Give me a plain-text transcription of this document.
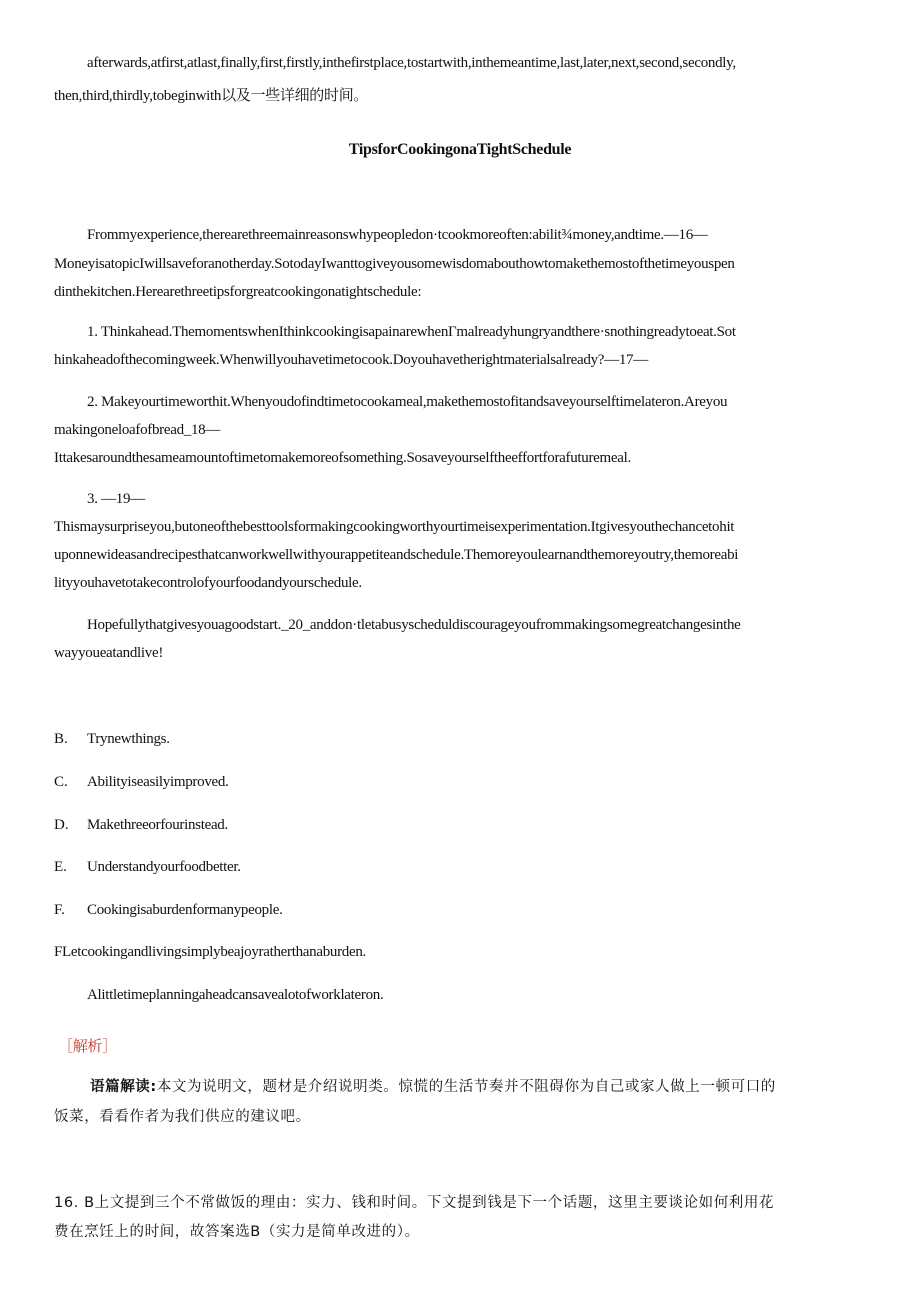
afterwards,atfirst,atlast,finally,first,firstly,inthefirstplace,tostartwith,inthemeantime,last,later,next,second,secondly,
then,third,thirdly,tobeginwith以及一些详细的时间。
TipsforCookingonaTightSchedule
Frommyexperience,therearethreemainreasonswhypeopledon·tcookmoreoften:abilit¾money,andtime.—16—
MoneyisatopicIwillsaveforanotherday.SotodayIwanttogiveyousomewisdomabouthowtomakethemostofthetimeyouspen
dinthekitchen.Herearethreetipsforgreatcookingonatightschedule:
1. Thinkahead.ThemomentswhenIthinkcookingisapainarewhenΓmalreadyhungryandthere·snothingreadytoeat.Sot
hinkaheadofthecomingweek.Whenwillyouhavetimetocook.Doyouhavetherightmaterialsalready?—17—
2. Makeyourtimeworthit.Whenyoudofindtimetocookameal,makethemostofitandsaveyourselftimelateron.Areyou
makingoneloafofbread_18—
Ittakesaroundthesameamountoftimetomakemoreofsomething.Sosaveyourselftheeffortforafuturemeal.
3. —19—
Thismaysurpriseyou,butoneofthebesttoolsformakingcookingworthyourtimeisexperimentation.Itgivesyouthechancetohit
uponnewideasandrecipesthatcanworkwellwithyourappetiteandschedule.Themoreyoulearnandthemoreyoutry,themoreabi
lityyouhavetotakecontrolofyourfoodandyourschedule.
Hopefullythatgivesyouagoodstart._20_anddon·tletabusyscheduldiscourageyoufrommakingsomegreatchangesinthe
wayyoueatandlive!
B. Trynewthings.
C. Abilityiseasilyimproved.
D. Makethreeorfourinstead.
E. Understandyourfoodbetter.
F. Cookingisaburdenformanypeople.
FLetcookingandlivingsimplybeajoyratherthanaburden.
Alittletimeplanningaheadcansavealotofworklateron.
［解析］
语篇解读:本文为说明文，题材是介绍说明类。惊慌的生活节奏并不阻碍你为自己或家人做上一顿可口的
饭菜，看看作者为我们供应的建议吧。
16. B上文提到三个不常做饭的理由：实力、钱和时间。下文提到钱是下一个话题，这里主要谈论如何利用花
费在烹饪上的时间，故答案选B（实力是简单改进的）。
